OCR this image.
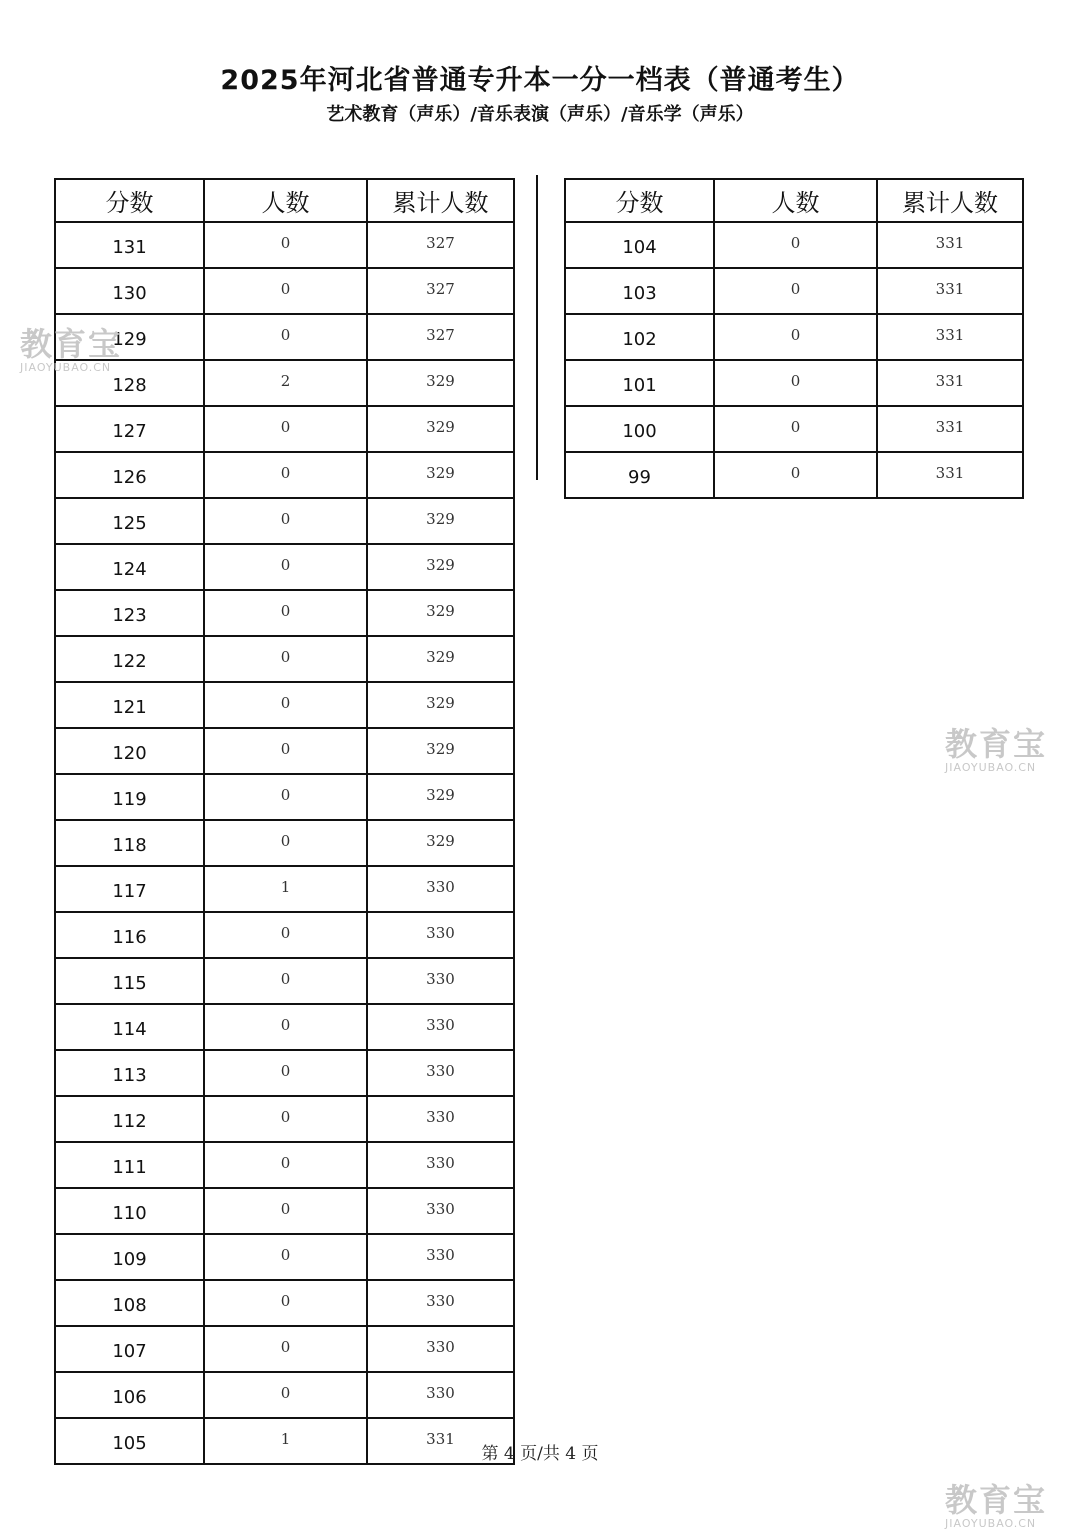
2025年河北省普通专升本一分一档表（普通考生）
艺术教育（声乐）/音乐表演（声乐）/音乐学（声乐）
分数	人数	累计人数
131	0	327
130	0	327
129	0	327
128	2	329
127	0	329
126	0	329
125	0	329
124	0	329
123	0	329
122	0	329
121	0	329
120	0	329
119	0	329
118	0	329
117	1	330
116	0	330
115	0	330
114	0	330
113	0	330
112	0	330
111	0	330
110	0	330
109	0	330
108	0	330
107	0	330
106	0	330
105	1	331
分数	人数	累计人数
104	0	331
103	0	331
102	0	331
101	0	331
100	0	331
99	0	331
第 4 页/共 4 页
教育宝
JIAOYUBAO.CN
教育宝
JIAOYUBAO.CN
教育宝
JIAOYUBAO.CN
